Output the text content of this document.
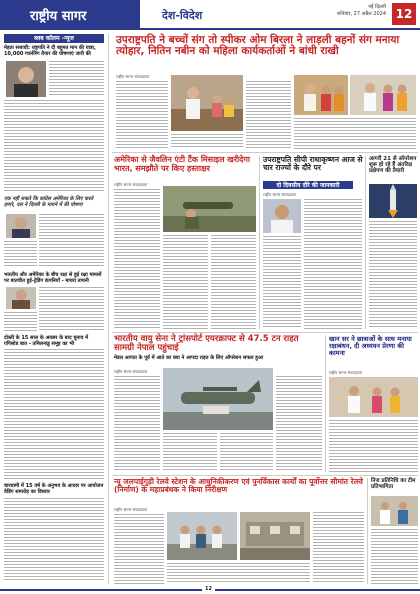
राष्ट्रीय सागर	देश-विदेश
नई दिल्ली
शनिवार, 27 अप्रैल 2024 12
ब्लब कॉलम -न्यूज
मेहता सत्ताधी: राष्ट्रपति ने दी बहुमत मान की यात्रा, 10,000 गवर्नरिंग तैयार की घोषणाएं जारी की
एक नहीं सकते कि कांग्रेस अमेरिका के लिए करते हमारे, दल ने दिल्ली के मायने में की घोषणा
भारतीय और अमेरिका के बीच रक्षा से हुई रक्षा मामलों पर बातचीत हुई-ट्रेडिंग कंपनियाँ - मायरा तायनी
दोस्ती के 15 साल के अवसर के बाद चुनाव में एपिसोड बात - तमिलनाडु समूह का भी
चारधामी में 15 वर्ष के अनुभव के आधार पर आयोजन वेडिंग समारोह का विस्तार
उपराष्ट्रपति ने बच्चों संग तो स्पीकर ओम बिरला ने लाड़ली बहनों संग मनाया त्योहार, नितिन नबीन को महिला कार्यकर्ताओं ने बांधी राखी
राष्ट्रीय सागर संवाददाता
अमेरिका से जैवलिन एंटी टैंक मिसाइल खरीदेगा भारत, समझौते पर किए हस्ताक्षर
राष्ट्रीय सागर संवाददाता
उपराष्ट्रपति सीपी राधाकृष्णन आज से चार राज्यों के दौरे पर
दो दिवसीय दौरे की जानकारी
राष्ट्रीय सागर संवाददाता
आगरी 21 से ऑपरेशन शुरू हो रहे हैं अंतरिक्ष प्रक्षेपण की तैयारी
भारतीय वायु सेना ने ट्रांसपोर्ट एयरक्राफ्ट से 47.5 टन राहत सामग्री नेपाल पहुंचाई
मेडल आपात के पूर्व में आते का क्या ने आपदा राहत के लिए ऑपरेशन सफल हुआ
राष्ट्रीय सागर संवाददाता
खान सर ने छात्राओं के साथ मनाया रक्षाबंधन, दी अध्ययन प्रेरणा की कामना
राष्ट्रीय सागर संवाददाता
न्यू जलपाईगुड़ी रेलवे स्टेशन के आधुनिकीकरण एवं पुनर्विकास कार्यों का पूर्वोत्तर सीमांत रेलवे (निर्माण) के महाप्रबंधक ने किया निरीक्षण
राष्ट्रीय सागर संवाददाता
निज प्रतिनिधि का टीम प्रतिभागिता
12
